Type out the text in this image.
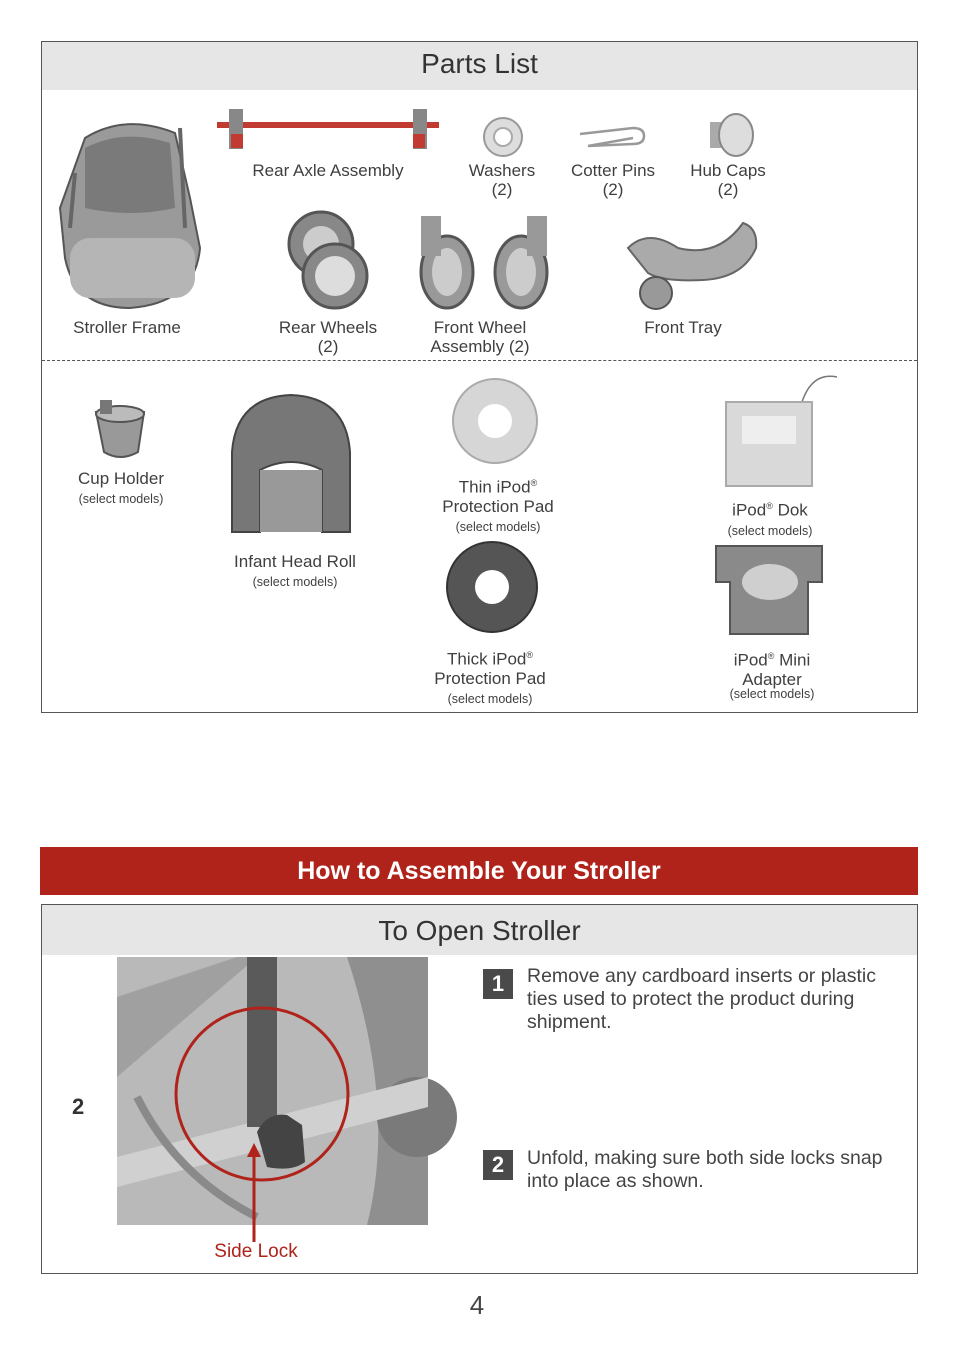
Parts List
Stroller Frame
Rear Axle Assembly	Washers
(2)
Cotter Pins
(2)
Hub Caps
(2)
Rear Wheels
(2)
Front Wheel
Assembly (2)
Front Tray
Cup Holder
(select models)
Infant Head Roll
(select models)
Thin iPod®
Protection Pad
(select models)
Thick iPod®
Protection Pad
(select models)
iPod® Dok
(select models)
iPod® Mini
Adapter
$^{(select models)}$
How to Assemble Your Stroller
To Open Stroller
2
Side Lock
1	Remove any cardboard inserts or plastic
ties used to protect the product during
shipment.
2	Unfold, making sure both side locks snap
into place as shown.
4
